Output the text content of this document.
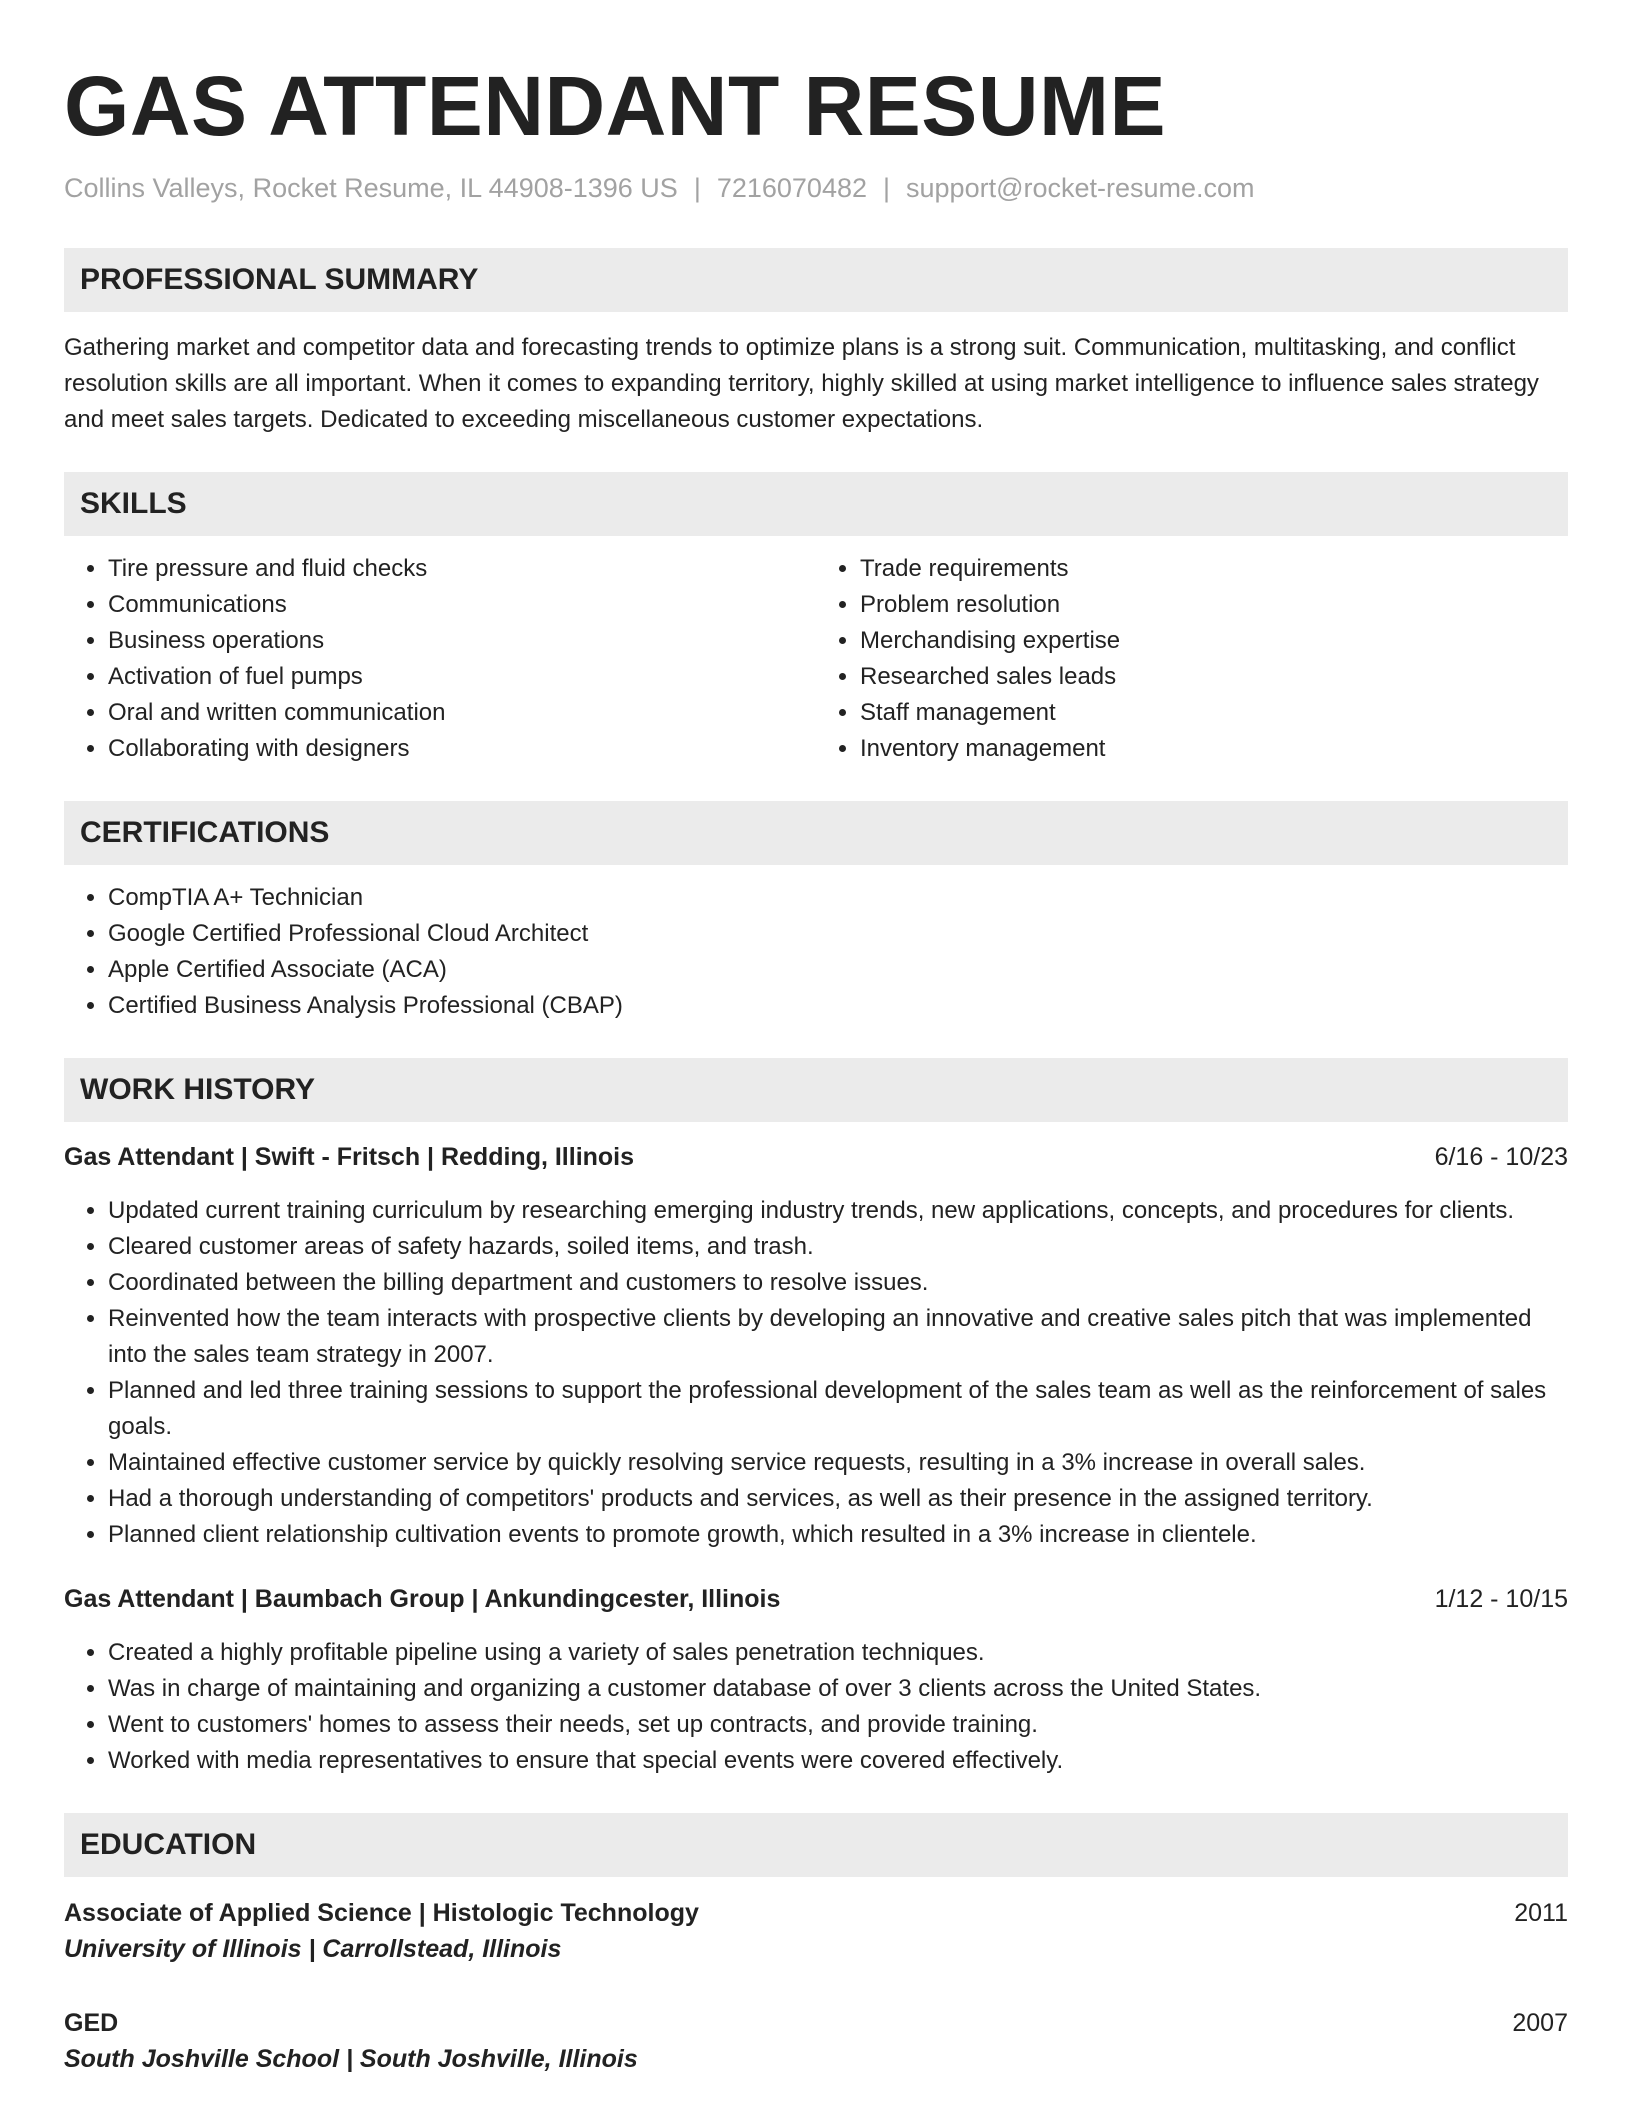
GAS ATTENDANT RESUME
Collins Valleys, Rocket Resume, IL 44908-1396 US | 7216070482 | support@rocket-resume.com
PROFESSIONAL SUMMARY

Gathering market and competitor data and forecasting trends to optimize plans is a strong suit. Communication, multitasking, and conflict resolution skills are all important. When it comes to expanding territory, highly skilled at using market intelligence to influence sales strategy and meet sales targets. Dedicated to exceeding miscellaneous customer expectations.

SKILLS
• Tire pressure and fluid checks
• Communications
• Business operations
• Activation of fuel pumps
• Oral and written communication
• Collaborating with designers
• Trade requirements
• Problem resolution
• Merchandising expertise
• Researched sales leads
• Staff management
• Inventory management
CERTIFICATIONS
• CompTIA A+ Technician
• Google Certified Professional Cloud Architect
• Apple Certified Associate (ACA)
• Certified Business Analysis Professional (CBAP)
WORK HISTORY
Gas Attendant | Swift - Fritsch | Redding, Illinois	6/16 - 10/23
• Updated current training curriculum by researching emerging industry trends, new applications, concepts, and procedures for clients.
• Cleared customer areas of safety hazards, soiled items, and trash.
• Coordinated between the billing department and customers to resolve issues.
• Reinvented how the team interacts with prospective clients by developing an innovative and creative sales pitch that was implemented into the sales team strategy in 2007.
• Planned and led three training sessions to support the professional development of the sales team as well as the reinforcement of sales goals.
• Maintained effective customer service by quickly resolving service requests, resulting in a 3% increase in overall sales.
• Had a thorough understanding of competitors' products and services, as well as their presence in the assigned territory.
• Planned client relationship cultivation events to promote growth, which resulted in a 3% increase in clientele.
Gas Attendant | Baumbach Group | Ankundingcester, Illinois	1/12 - 10/15
• Created a highly profitable pipeline using a variety of sales penetration techniques.
• Was in charge of maintaining and organizing a customer database of over 3 clients across the United States.
• Went to customers' homes to assess their needs, set up contracts, and provide training.
• Worked with media representatives to ensure that special events were covered effectively.
EDUCATION
Associate of Applied Science | Histologic Technology	2011
University of Illinois | Carrollstead, Illinois
GED	2007
South Joshville School | South Joshville, Illinois
